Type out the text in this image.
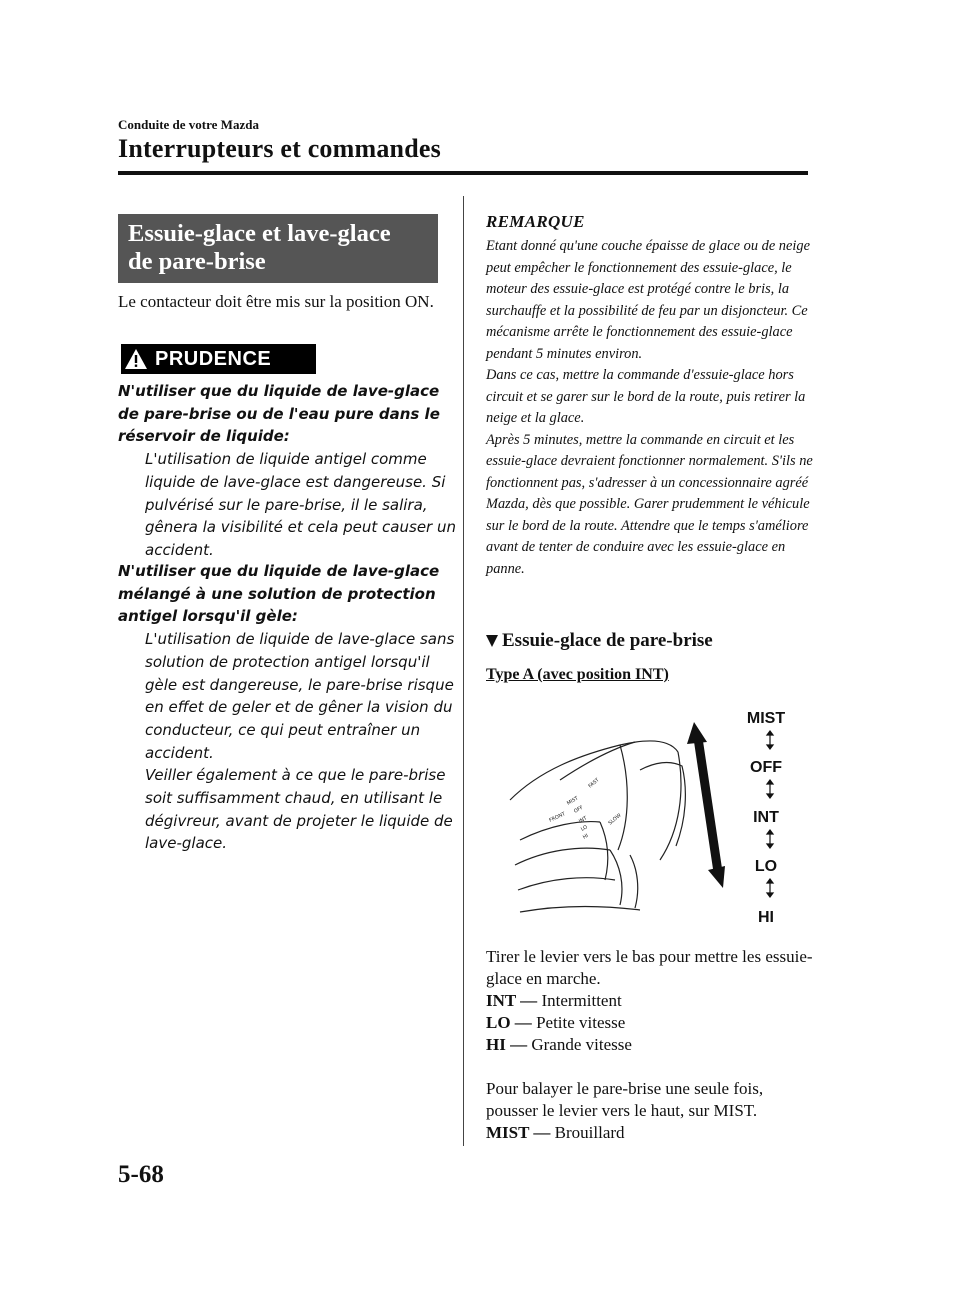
Conduite de votre Mazda
Interrupteurs et commandes
Essuie-glace et lave-glace
de pare-brise
Le contacteur doit être mis sur la position ON.
PRUDENCE
N'utiliser que du liquide de lave-glace de pare-brise ou de l'eau pure dans le réservoir de liquide:
L'utilisation de liquide antigel comme liquide de lave-glace est dangereuse. Si pulvérisé sur le pare-brise, il le salira, gênera la visibilité et cela peut causer un accident.
N'utiliser que du liquide de lave-glace mélangé à une solution de protection antigel lorsqu'il gèle:
L'utilisation de liquide de lave-glace sans solution de protection antigel lorsqu'il gèle est dangereuse, le pare-brise risque en effet de geler et de gêner la vision du conducteur, ce qui peut entraîner un accident.
Veiller également à ce que le pare-brise soit suffisamment chaud, en utilisant le dégivreur, avant de projeter le liquide de lave-glace.
REMARQUE
Etant donné qu'une couche épaisse de glace ou de neige peut empêcher le fonctionnement des essuie-glace, le moteur des essuie-glace est protégé contre le bris, la surchauffe et la possibilité de feu par un disjoncteur. Ce mécanisme arrête le fonctionnement des essuie-glace pendant 5 minutes environ.
Dans ce cas, mettre la commande d'essuie-glace hors circuit et se garer sur le bord de la route, puis retirer la neige et la glace.
Après 5 minutes, mettre la commande en circuit et les essuie-glace devraient fonctionner normalement. S'ils ne fonctionnent pas, s'adresser à un concessionnaire agréé Mazda, dès que possible. Garer prudemment le véhicule sur le bord de la route. Attendre que le temps s'améliore avant de tenter de conduire avec les essuie-glace en panne.
Essuie-glace de pare-brise
Type A (avec position INT)
FRONT
MIST
OFF
INT
LO
HI
FAST
SLOW
MIST
OFF
INT
LO
HI
Tirer le levier vers le bas pour mettre les essuie-glace en marche.
INT — Intermittent
LO — Petite vitesse
HI — Grande vitesse
Pour balayer le pare-brise une seule fois, pousser le levier vers le haut, sur MIST.
MIST — Brouillard
5-68
